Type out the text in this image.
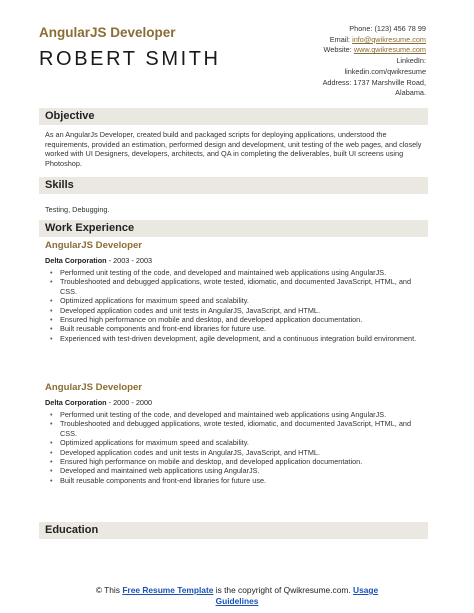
AngularJS Developer
ROBERT SMITH
Phone: (123) 456 78 99
Email: info@qwikresume.com
Website: www.qwikresume.com
LinkedIn:
linkedin.com/qwikresume
Address: 1737 Marshville Road,
Alabama.
Objective
As an AngularJs Developer, created build and packaged scripts for deploying applications, understood the requirements, provided an estimation, performed design and development, unit testing of the web pages, and closely worked with UI Designers, developers, architects, and QA in completing the deliverables, built UI screens using Photoshop.
Skills
Testing, Debugging.
Work Experience
AngularJS Developer
Delta Corporation - 2003 - 2003
• Performed unit testing of the code, and developed and maintained web applications using AngularJS.
• Troubleshooted and debugged applications, wrote tested, idiomatic, and documented JavaScript, HTML, and CSS.
• Optimized applications for maximum speed and scalability.
• Developed application codes and unit tests in AngularJS, JavaScript, and HTML.
• Ensured high performance on mobile and desktop, and developed application documentation.
• Built reusable components and front-end libraries for future use.
• Experienced with test-driven development, agile development, and a continuous integration build environment.
AngularJS Developer
Delta Corporation - 2000 - 2000
• Performed unit testing of the code, and developed and maintained web applications using AngularJS.
• Troubleshooted and debugged applications, wrote tested, idiomatic, and documented JavaScript, HTML, and CSS.
• Optimized applications for maximum speed and scalability.
• Developed application codes and unit tests in AngularJS, JavaScript, and HTML.
• Ensured high performance on mobile and desktop, and developed application documentation.
• Developed and maintained web applications using AngularJS.
• Built reusable components and front-end libraries for future use.
Education
© This Free Resume Template is the copyright of Qwikresume.com. Usage
Guidelines
